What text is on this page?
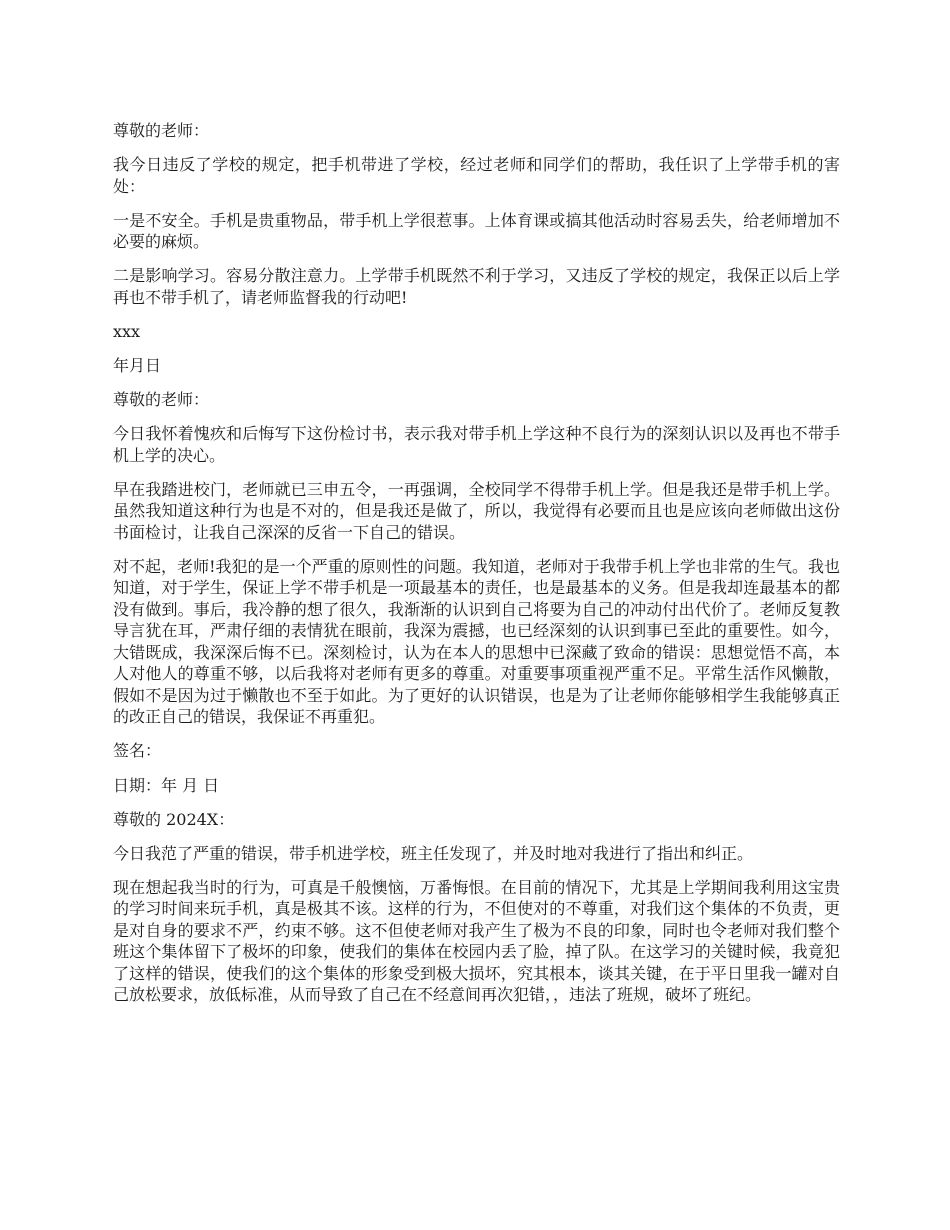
尊敬的老师：

我今日违反了学校的规定，把手机带进了学校，经过老师和同学们的帮助，我任识了上学带手机的害处：

一是不安全。手机是贵重物品，带手机上学很惹事。上体育课或搞其他活动时容易丢失，给老师增加不必要的麻烦。

二是影响学习。容易分散注意力。上学带手机既然不利于学习，又违反了学校的规定，我保正以后上学再也不带手机了，请老师监督我的行动吧!

xxx

年月日

尊敬的老师：

今日我怀着愧疚和后悔写下这份检讨书，表示我对带手机上学这种不良行为的深刻认识以及再也不带手机上学的决心。

早在我踏进校门，老师就已三申五令，一再强调，全校同学不得带手机上学。但是我还是带手机上学。虽然我知道这种行为也是不对的，但是我还是做了，所以，我觉得有必要而且也是应该向老师做出这份书面检讨，让我自己深深的反省一下自己的错误。

对不起，老师!我犯的是一个严重的原则性的问题。我知道，老师对于我带手机上学也非常的生气。我也知道，对于学生，保证上学不带手机是一项最基本的责任，也是最基本的义务。但是我却连最基本的都没有做到。事后，我冷静的想了很久，我渐渐的认识到自己将要为自己的冲动付出代价了。老师反复教导言犹在耳，严肃仔细的表情犹在眼前，我深为震撼，也已经深刻的认识到事已至此的重要性。如今，大错既成，我深深后悔不已。深刻检讨，认为在本人的思想中已深藏了致命的错误：思想觉悟不高，本人对他人的尊重不够，以后我将对老师有更多的尊重。对重要事项重视严重不足。平常生活作风懒散，假如不是因为过于懒散也不至于如此。为了更好的认识错误，也是为了让老师你能够相学生我能够真正的改正自己的错误，我保证不再重犯。

签名：

日期：年 月 日

尊敬的 2024X：

今日我范了严重的错误，带手机进学校，班主任发现了，并及时地对我进行了指出和纠正。

现在想起我当时的行为，可真是千般懊恼，万番悔恨。在目前的情况下，尤其是上学期间我利用这宝贵的学习时间来玩手机，真是极其不该。这样的行为，不但使对的不尊重，对我们这个集体的不负责，更是对自身的要求不严，约束不够。这不但使老师对我产生了极为不良的印象，同时也令老师对我们整个班这个集体留下了极坏的印象，使我们的集体在校园内丢了脸，掉了队。在这学习的关键时候，我竟犯了这样的错误，使我们的这个集体的形象受到极大损坏，究其根本，谈其关键，在于平日里我一罐对自己放松要求，放低标准，从而导致了自己在不经意间再次犯错，，违法了班规，破坏了班纪。
